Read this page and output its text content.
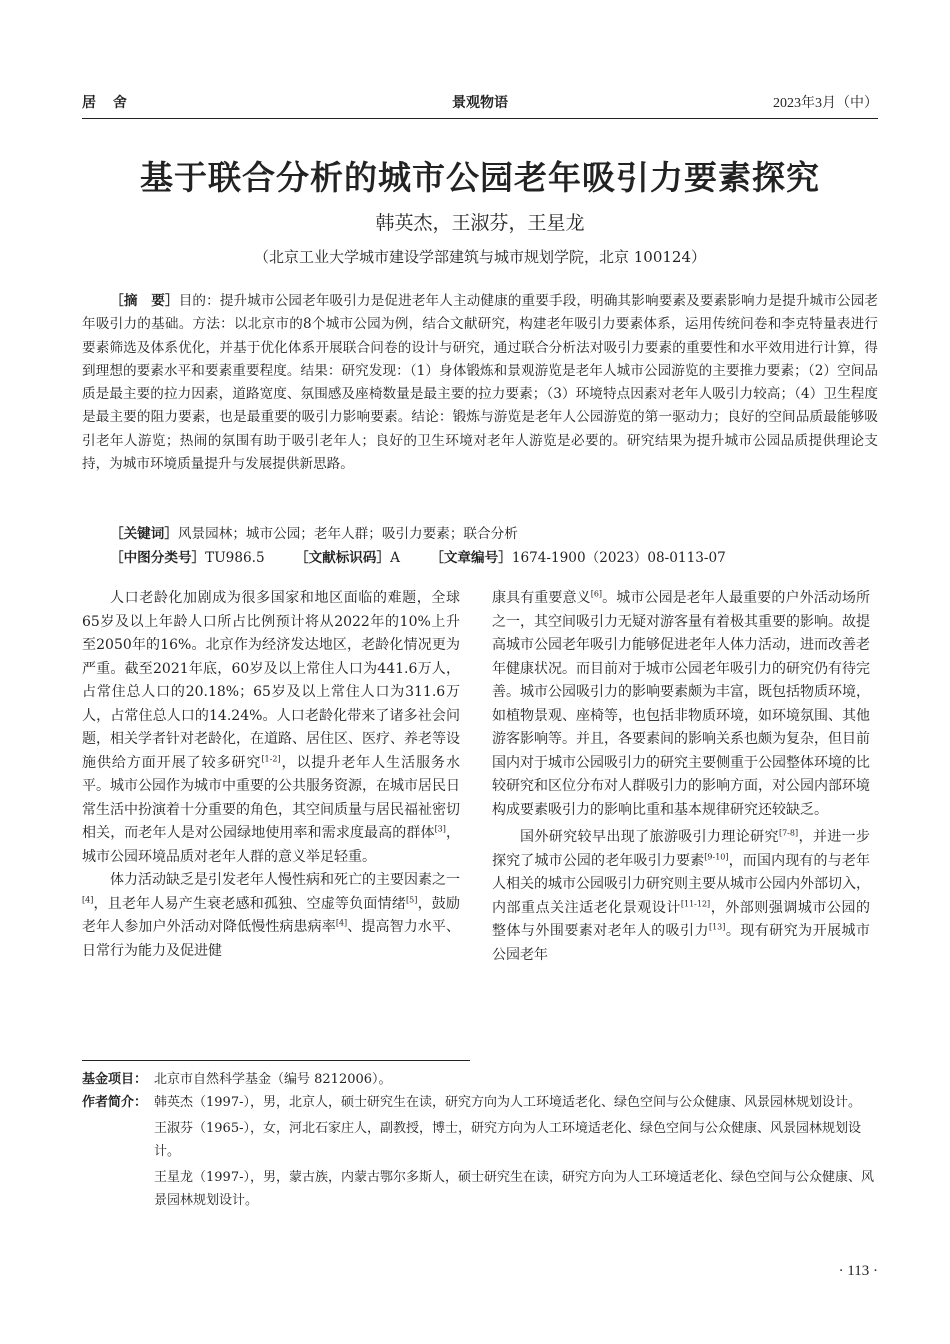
居 舍	景观物语	2023年3月（中）
基于联合分析的城市公园老年吸引力要素探究
韩英杰，王淑芬，王星龙
（北京工业大学城市建设学部建筑与城市规划学院，北京 100124）
［摘　要］目的：提升城市公园老年吸引力是促进老年人主动健康的重要手段，明确其影响要素及要素影响力是提升城市公园老年吸引力的基础。方法：以北京市的8个城市公园为例，结合文献研究，构建老年吸引力要素体系，运用传统问卷和李克特量表进行要素筛选及体系优化，并基于优化体系开展联合问卷的设计与研究，通过联合分析法对吸引力要素的重要性和水平效用进行计算，得到理想的要素水平和要素重要程度。结果：研究发现：（1）身体锻炼和景观游览是老年人城市公园游览的主要推力要素；（2）空间品质是最主要的拉力因素，道路宽度、氛围感及座椅数量是最主要的拉力要素；（3）环境特点因素对老年人吸引力较高；（4）卫生程度是最主要的阻力要素，也是最重要的吸引力影响要素。结论：锻炼与游览是老年人公园游览的第一驱动力；良好的空间品质最能够吸引老年人游览；热闹的氛围有助于吸引老年人；良好的卫生环境对老年人游览是必要的。研究结果为提升城市公园品质提供理论支持，为城市环境质量提升与发展提供新思路。
［关键词］风景园林；城市公园；老年人群；吸引力要素；联合分析
［中图分类号］TU986.5 ［文献标识码］A ［文章编号］1674-1900（2023）08-0113-07

人口老龄化加剧成为很多国家和地区面临的难题，全球65岁及以上年龄人口所占比例预计将从2022年的10%上升至2050年的16%。北京作为经济发达地区，老龄化情况更为严重。截至2021年底，60岁及以上常住人口为441.6万人，占常住总人口的20.18%；65岁及以上常住人口为311.6万人，占常住总人口的14.24%。人口老龄化带来了诸多社会问题，相关学者针对老龄化，在道路、居住区、医疗、养老等设施供给方面开展了较多研究[1-2]，以提升老年人生活服务水平。城市公园作为城市中重要的公共服务资源，在城市居民日常生活中扮演着十分重要的角色，其空间质量与居民福祉密切相关，而老年人是对公园绿地使用率和需求度最高的群体[3]，城市公园环境品质对老年人群的意义举足轻重。

体力活动缺乏是引发老年人慢性病和死亡的主要因素之一[4]，且老年人易产生衰老感和孤独、空虚等负面情绪[5]，鼓励老年人参加户外活动对降低慢性病患病率[4]、提高智力水平、日常行为能力及促进健

康具有重要意义[6]。城市公园是老年人最重要的户外活动场所之一，其空间吸引力无疑对游客量有着极其重要的影响。故提高城市公园老年吸引力能够促进老年人体力活动，进而改善老年健康状况。而目前对于城市公园老年吸引力的研究仍有待完善。城市公园吸引力的影响要素颇为丰富，既包括物质环境，如植物景观、座椅等，也包括非物质环境，如环境氛围、其他游客影响等。并且，各要素间的影响关系也颇为复杂，但目前国内对于城市公园吸引力的研究主要侧重于公园整体环境的比较研究和区位分布对人群吸引力的影响方面，对公园内部环境构成要素吸引力的影响比重和基本规律研究还较缺乏。

国外研究较早出现了旅游吸引力理论研究[7-8]，并进一步探究了城市公园的老年吸引力要素[9-10]，而国内现有的与老年人相关的城市公园吸引力研究则主要从城市公园内外部切入，内部重点关注适老化景观设计[11-12]，外部则强调城市公园的整体与外围要素对老年人的吸引力[13]。现有研究为开展城市公园老年

基金项目： 北京市自然科学基金（编号 8212006）。
作者简介： 韩英杰（1997-），男，北京人，硕士研究生在读，研究方向为人工环境适老化、绿色空间与公众健康、风景园林规划设计。

王淑芬（1965-），女，河北石家庄人，副教授，博士，研究方向为人工环境适老化、绿色空间与公众健康、风景园林规划设计。

王星龙（1997-），男，蒙古族，内蒙古鄂尔多斯人，硕士研究生在读，研究方向为人工环境适老化、绿色空间与公众健康、风景园林规划设计。

· 113 ·
